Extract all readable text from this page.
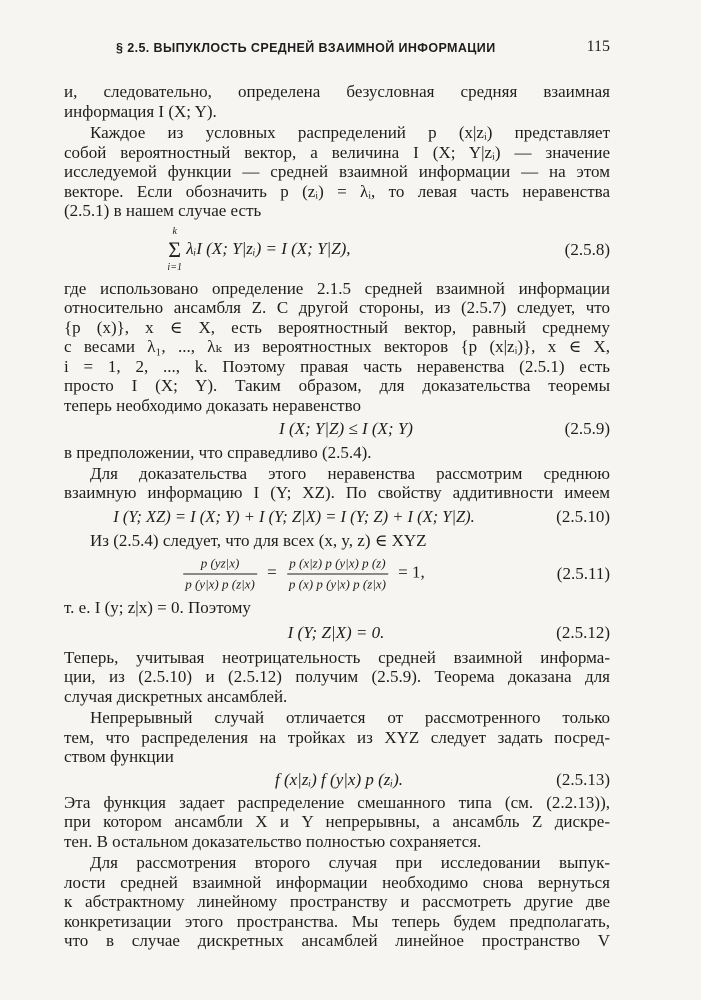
§ 2.5. ВЫПУКЛОСТЬ СРЕДНЕЙ ВЗАИМНОЙ ИНФОРМАЦИИ	115

и, следовательно, определена безусловная средняя взаимная

информация I (X; Y).

Каждое из условных распределений p (x|zᵢ) представляет

собой вероятностный вектор, а величина I (X; Y|zᵢ) — значение

исследуемой функции — средней взаимной информации — на этом

векторе. Если обозначить p (zᵢ) = λᵢ, то левая часть неравенства

(2.5.1) в нашем случае есть

k
Σ
i=1
λᵢI (X; Y|zᵢ) = I (X; Y|Z),	(2.5.8)

где использовано определение 2.1.5 средней взаимной информации

относительно ансамбля Z. С другой стороны, из (2.5.7) следует, что

{p (x)}, x ∈ X, есть вероятностный вектор, равный среднему

с весами λ₁, ..., λₖ из вероятностных векторов {p (x|zᵢ)}, x ∈ X,

i = 1, 2, ..., k. Поэтому правая часть неравенства (2.5.1) есть

просто I (X; Y). Таким образом, для доказательства теоремы

теперь необходимо доказать неравенство

I (X; Y|Z) ≤ I (X; Y)	(2.5.9)

в предположении, что справедливо (2.5.4).

Для доказательства этого неравенства рассмотрим среднюю

взаимную информацию I (Y; XZ). По свойству аддитивности имеем

I (Y; XZ) = I (X; Y) + I (Y; Z|X) = I (Y; Z) + I (X; Y|Z).	(2.5.10)

Из (2.5.4) следует, что для всех (x, y, z) ∈ XYZ

$\frac{p (yz|x)}{p (y|x) p (z|x)} = \frac{p (x|z) p (y|x) p (z)}{p (x) p (y|x) p (z|x)} = 1$,	(2.5.11)

т. е. I (y; z|x) = 0. Поэтому

I (Y; Z|X) = 0.	(2.5.12)

Теперь, учитывая неотрицательность средней взаимной информа-

ции, из (2.5.10) и (2.5.12) получим (2.5.9). Теорема доказана для

случая дискретных ансамблей.

Непрерывный случай отличается от рассмотренного только

тем, что распределения на тройках из XYZ следует задать посред-

ством функции

f (x|zᵢ) f (y|x) p (zᵢ).	(2.5.13)

Эта функция задает распределение смешанного типа (см. (2.2.13)),

при котором ансамбли X и Y непрерывны, а ансамбль Z дискре-

тен. В остальном доказательство полностью сохраняется.

Для рассмотрения второго случая при исследовании выпук-

лости средней взаимной информации необходимо снова вернуться

к абстрактному линейному пространству и рассмотреть другие две

конкретизации этого пространства. Мы теперь будем предполагать,

что в случае дискретных ансамблей линейное пространство V
